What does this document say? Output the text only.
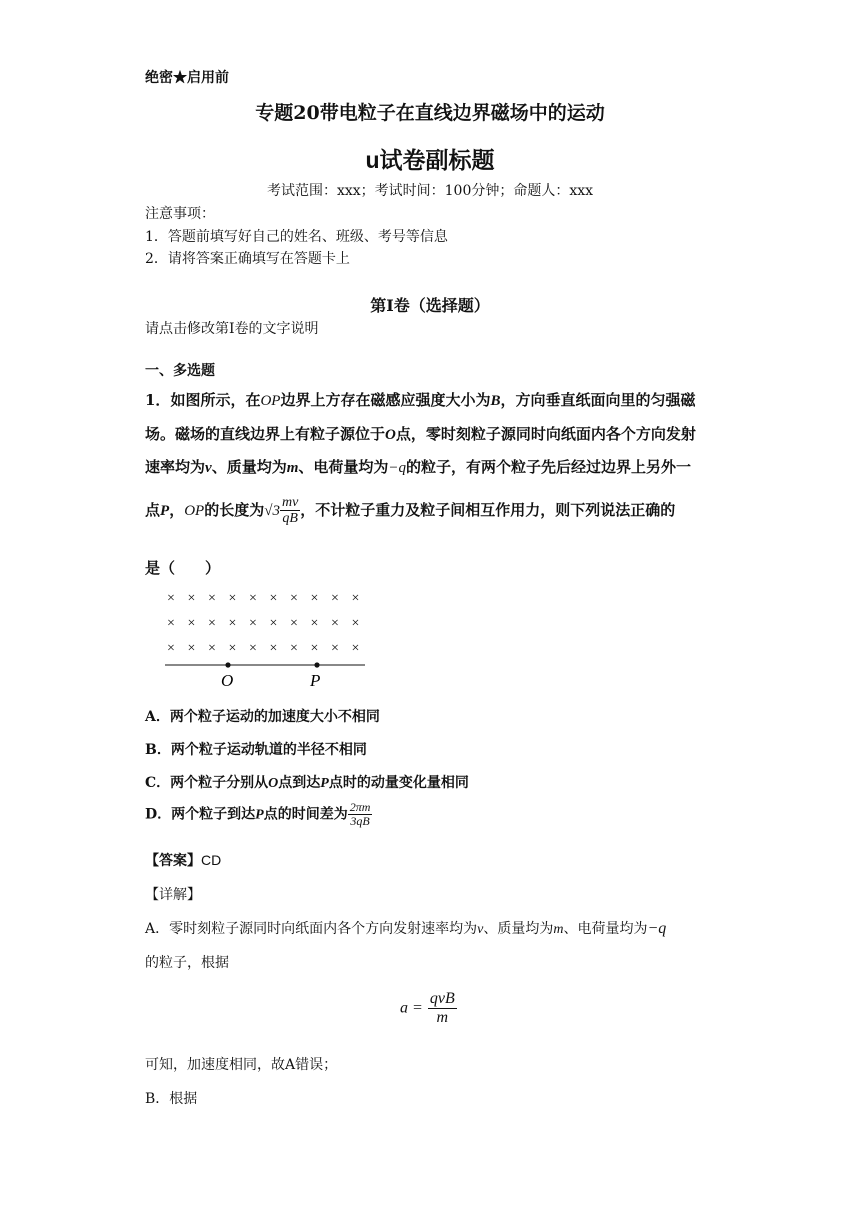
绝密★启用前
专题20带电粒子在直线边界磁场中的运动
u试卷副标题
考试范围：xxx；考试时间：100分钟；命题人：xxx
注意事项：
1．答题前填写好自己的姓名、班级、考号等信息
2．请将答案正确填写在答题卡上
第I卷（选择题）
请点击修改第I卷的文字说明
一、多选题
1．如图所示，在OP边界上方存在磁感应强度大小为B，方向垂直纸面向里的匀强磁
场。磁场的直线边界上有粒子源位于O点，零时刻粒子源同时向纸面内各个方向发射
速率均为v、质量均为m、电荷量均为−q的粒子，有两个粒子先后经过边界上另外一
点P，OP的长度为$√3 \frac{mv}{qB}$ ，不计粒子重力及粒子间相互作用力，则下列说法正确的
是（　　）
× × × × × × × × × ×
× × × × × × × × × ×
× × × × × × × × × ×
O	P
A．两个粒子运动的加速度大小不相同
B．两个粒子运动轨道的半径不相同
C．两个粒子分别从O点到达P点时的动量变化量相同
D．两个粒子到达P点的时间差为 $\frac{2\pi m}{3qB}$
【答案】CD
【详解】
A．零时刻粒子源同时向纸面内各个方向发射速率均为v、质量均为m、电荷量均为−q
的粒子，根据
$a = \frac{\text{qvB}}{m}$
可知，加速度相同，故A错误；
B．根据
